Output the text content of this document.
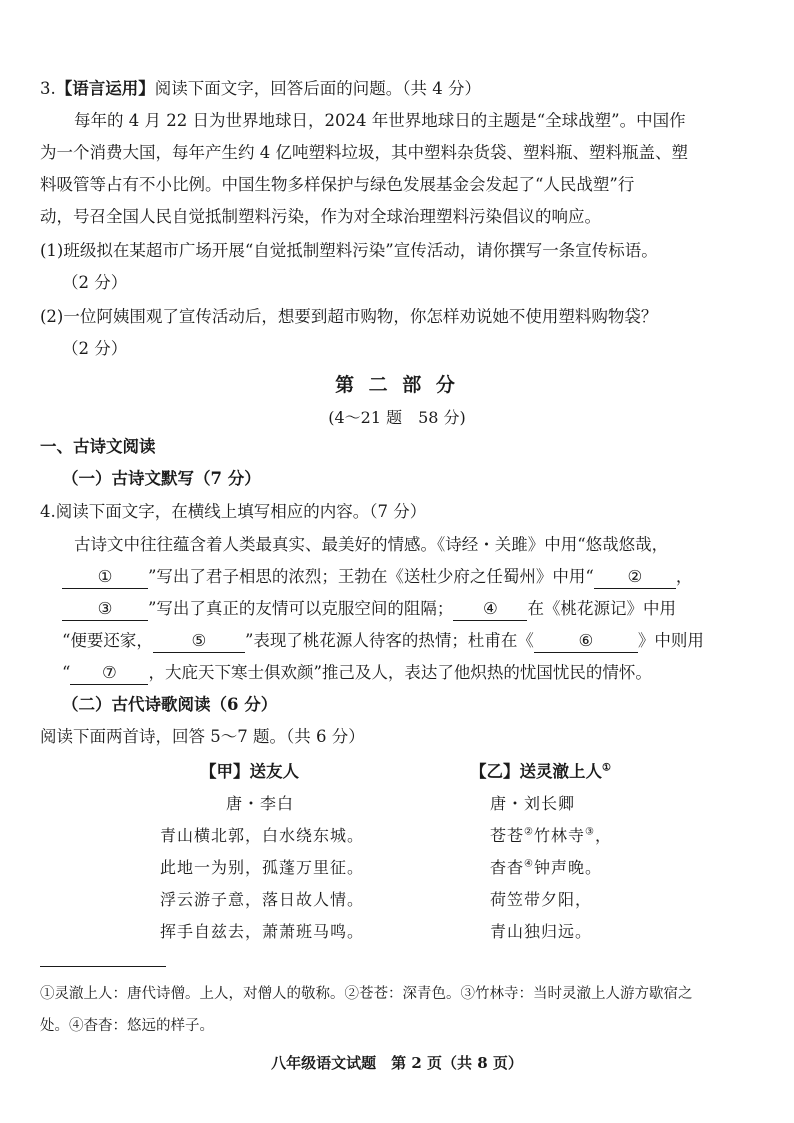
3.【语言运用】阅读下面文字，回答后面的问题。（共 4 分）
每年的 4 月 22 日为世界地球日，2024 年世界地球日的主题是“全球战塑”。中国作
为一个消费大国，每年产生约 4 亿吨塑料垃圾，其中塑料杂货袋、塑料瓶、塑料瓶盖、塑
料吸管等占有不小比例。中国生物多样保护与绿色发展基金会发起了“人民战塑”行
动，号召全国人民自觉抵制塑料污染，作为对全球治理塑料污染倡议的响应。
(1)班级拟在某超市广场开展“自觉抵制塑料污染”宣传活动，请你撰写一条宣传标语。
（2 分）
(2)一位阿姨围观了宣传活动后，想要到超市购物，你怎样劝说她不使用塑料购物袋？
（2 分）
第 二 部 分
(4～21 题　58 分)
一、古诗文阅读
（一）古诗文默写（7 分）
4.阅读下面文字，在横线上填写相应的内容。（7 分）
古诗文中往往蕴含着人类最真实、最美好的情感。《诗经・关雎》中用“悠哉悠哉，
① ”写出了君子相思的浓烈；王勃在《送杜少府之任蜀州》中用“ ② ，
③ ”写出了真正的友情可以克服空间的阻隔； ④ 在《桃花源记》中用
“便要还家， ⑤ ”表现了桃花源人待客的热情；杜甫在《	⑥	》中则用
“ ⑦ ，大庇天下寒士俱欢颜”推己及人，表达了他炽热的忧国忧民的情怀。
（二）古代诗歌阅读（6 分）
阅读下面两首诗，回答 5～7 题。（共 6 分）
【甲】送友人
唐・李白
青山横北郭，白水绕东城。
此地一为别，孤蓬万里征。
浮云游子意，落日故人情。
挥手自兹去，萧萧班马鸣。
【乙】送灵澈上人①
唐・刘长卿
苍苍②竹林寺③，
杳杳④钟声晚。
荷笠带夕阳，
青山独归远。
①灵澈上人：唐代诗僧。上人，对僧人的敬称。②苍苍：深青色。③竹林寺：当时灵澈上人游方歇宿之
处。④杳杳：悠远的样子。
八年级语文试题　第 2 页（共 8 页）
